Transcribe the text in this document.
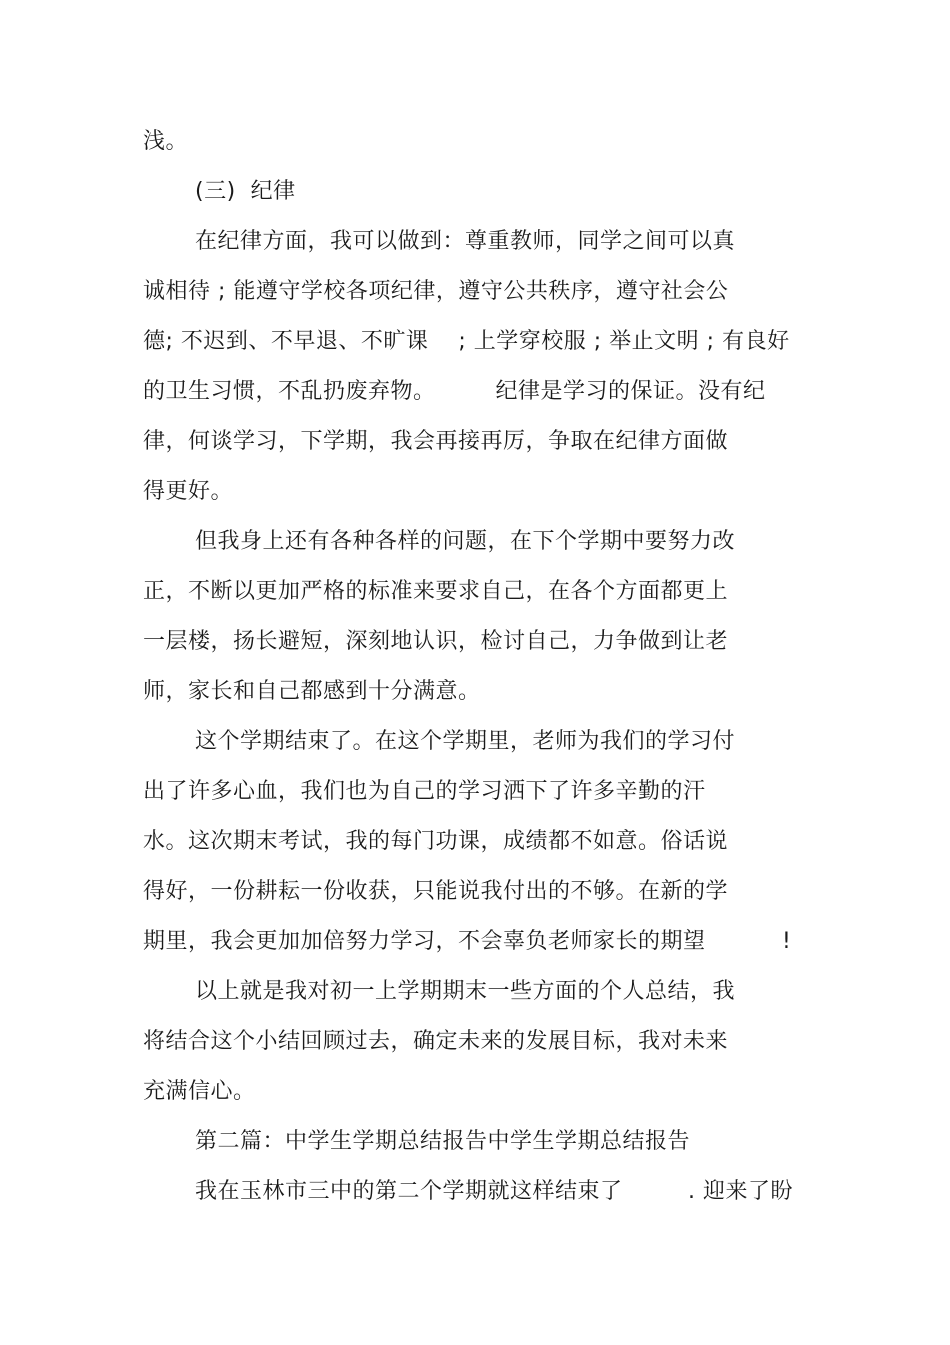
浅。
(三)  纪律
在纪律方面，我可以做到：尊重教师，同学之间可以真
诚相待 ; 能遵守学校各项纪律，遵守公共秩序，遵守社会公
德; 不迟到、不早退、不旷课    ; 上学穿校服 ; 举止文明 ; 有良好
的卫生习惯，不乱扔废弃物。        纪律是学习的保证。没有纪
律，何谈学习，下学期，我会再接再厉，争取在纪律方面做
得更好。
但我身上还有各种各样的问题，在下个学期中要努力改
正，不断以更加严格的标准来要求自己，在各个方面都更上
一层楼，扬长避短，深刻地认识，检讨自己，力争做到让老
师，家长和自己都感到十分满意。
这个学期结束了。在这个学期里，老师为我们的学习付
出了许多心血，我们也为自己的学习洒下了许多辛勤的汗
水。这次期末考试，我的每门功课，成绩都不如意。俗话说
得好，一份耕耘一份收获，只能说我付出的不够。在新的学
期里，我会更加加倍努力学习，不会辜负老师家长的期望	!
以上就是我对初一上学期期末一些方面的个人总结，我
将结合这个小结回顾过去，确定未来的发展目标，我对未来
充满信心。
第二篇：中学生学期总结报告中学生学期总结报告
我在玉林市三中的第二个学期就这样结束了	. 迎来了盼
